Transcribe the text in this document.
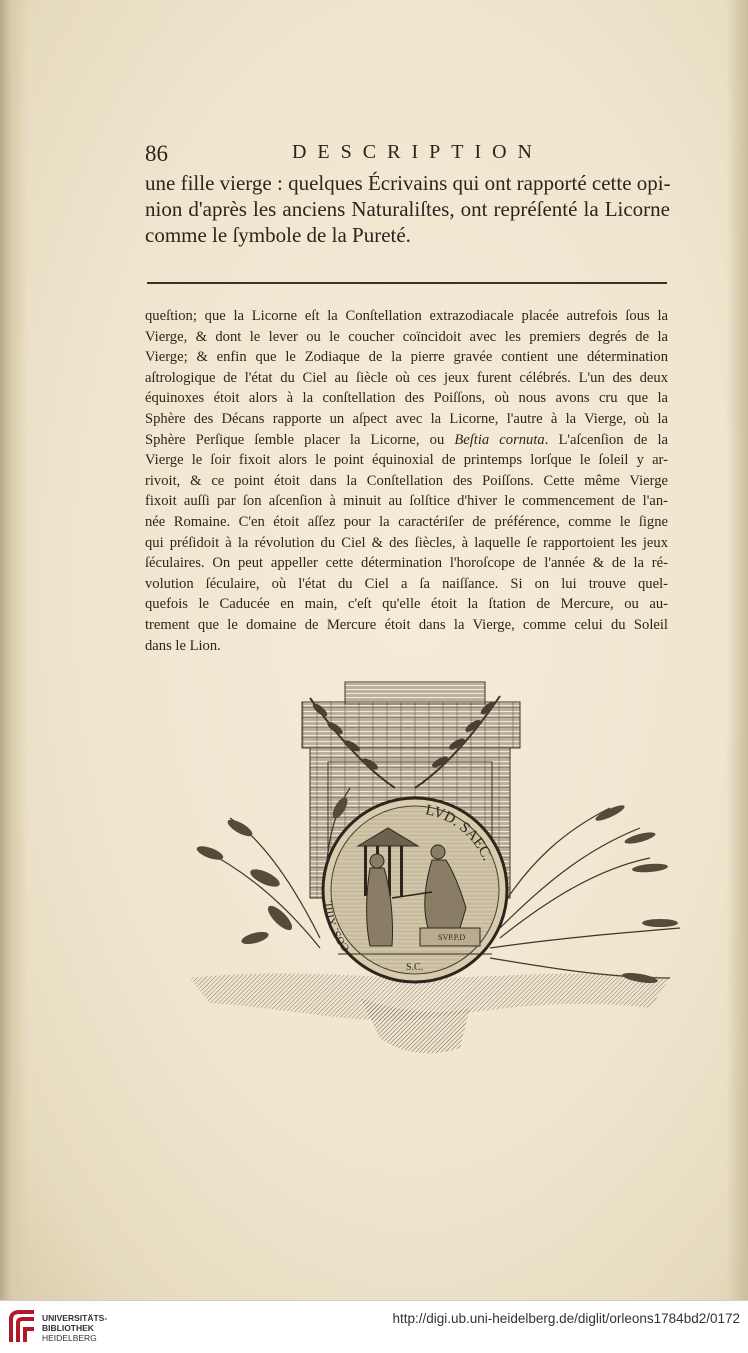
86	DESCRIPTION
une fille vierge : quelques Écrivains qui ont rapporté cette opi-
nion d'après les anciens Naturaliſtes, ont repréſenté la Licorne
comme le ſymbole de la Pureté.
queſtion; que la Licorne eſt la Conſtellation extrazodiacale placée autrefois ſous la
Vierge, & dont le lever ou le coucher coïncidoit avec les premiers degrés de la
Vierge; & enfin que le Zodiaque de la pierre gravée contient une détermination
aſtrologique de l'état du Ciel au ſiècle où ces jeux furent célébrés. L'un des deux
équinoxes étoit alors à la conſtellation des Poiſſons, où nous avons cru que la
Sphère des Décans rapporte un aſpect avec la Licorne, l'autre à la Vierge, où la
Sphère Perſique ſemble placer la Licorne, ou Beſtia cornuta. L'aſcenſion de la
Vierge le ſoir fixoit alors le point équinoxial de printemps lorſque le ſoleil y ar-
rivoit, & ce point étoit dans la Conſtellation des Poiſſons. Cette même Vierge
fixoit auſſi par ſon aſcenſion à minuit au ſolſtice d'hiver le commencement de l'an-
née Romaine. C'en étoit aſſez pour la caractériſer de préférence, comme le ſigne
qui préſidoit à la révolution du Ciel & des ſiècles, à laquelle ſe rapportoient les jeux
ſéculaires. On peut appeller cette détermination l'horoſcope de l'année & de la ré-
volution ſéculaire, où l'état du Ciel a ſa naiſſance. Si on lui trouve quel-
quefois le Caducée en main, c'eſt qu'elle étoit la ſtation de Mercure, ou au-
trement que le domaine de Mercure étoit dans la Vierge, comme celui du Soleil
dans le Lion.
SVP.P.D
S.C.
COS. XIIII.
LVD. SAEC.
UNIVERSITÄTS-
BIBLIOTHEK
HEIDELBERG
http://digi.ub.uni-heidelberg.de/diglit/orleons1784bd2/0172
